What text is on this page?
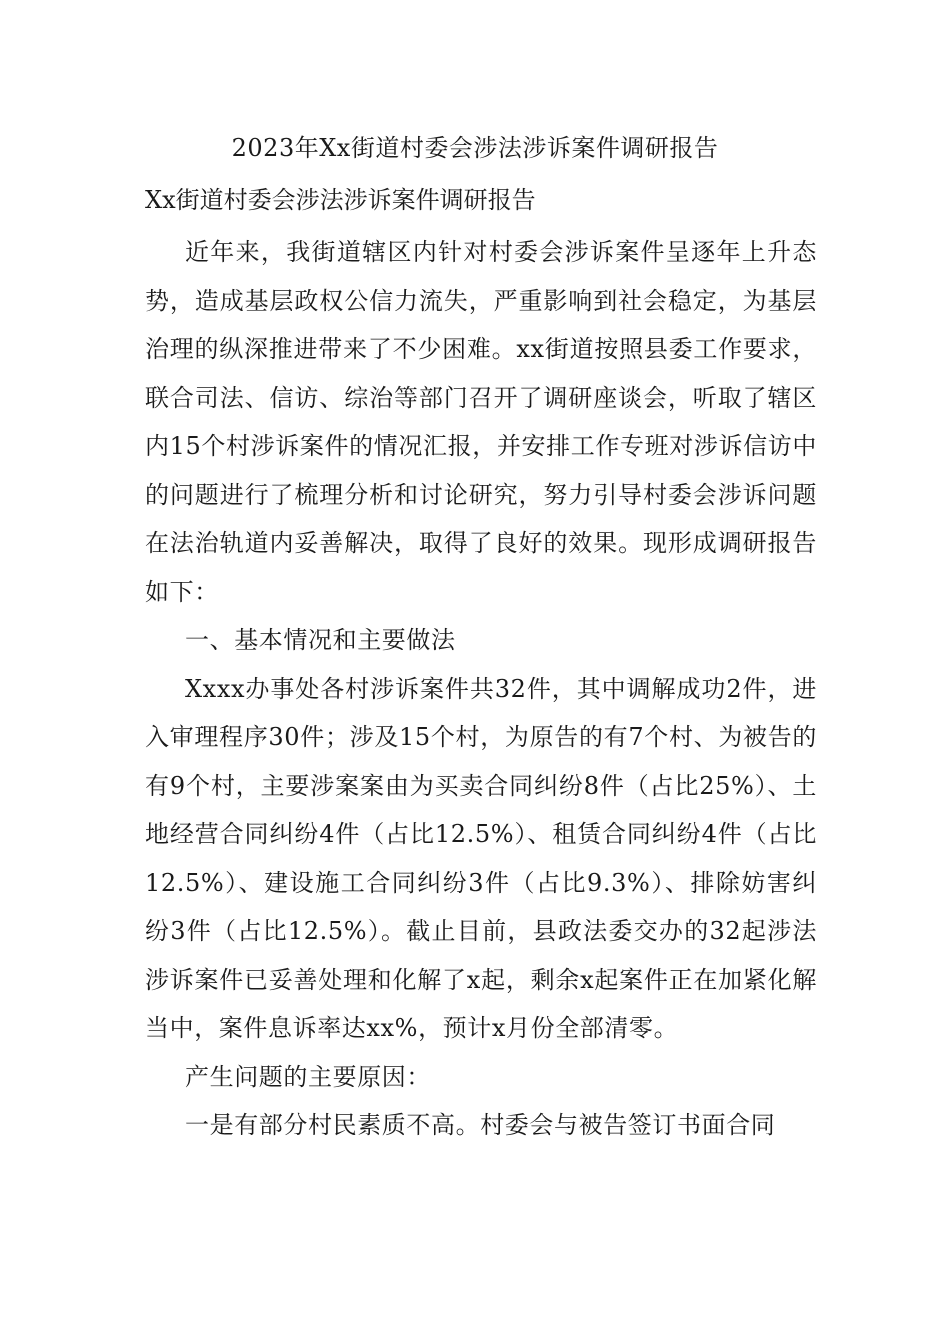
2023年Xx街道村委会涉法涉诉案件调研报告
Xx街道村委会涉法涉诉案件调研报告

近年来，我街道辖区内针对村委会涉诉案件呈逐年上升态势，造成基层政权公信力流失，严重影响到社会稳定，为基层治理的纵深推进带来了不少困难。xx街道按照县委工作要求，联合司法、信访、综治等部门召开了调研座谈会，听取了辖区内15个村涉诉案件的情况汇报，并安排工作专班对涉诉信访中的问题进行了梳理分析和讨论研究，努力引导村委会涉诉问题在法治轨道内妥善解决，取得了良好的效果。现形成调研报告如下：

一、基本情况和主要做法

Xxxx办事处各村涉诉案件共32件，其中调解成功2件，进入审理程序30件；涉及15个村，为原告的有7个村、为被告的有9个村，主要涉案案由为买卖合同纠纷8件（占比25%）、土地经营合同纠纷4件（占比12.5%）、租赁合同纠纷4件（占比12.5%）、建设施工合同纠纷3件（占比9.3%）、排除妨害纠纷3件（占比12.5%）。截止目前，县政法委交办的32起涉法涉诉案件已妥善处理和化解了x起，剩余x起案件正在加紧化解当中，案件息诉率达xx%，预计x月份全部清零。

产生问题的主要原因：

一是有部分村民素质不高。村委会与被告签订书面合同
